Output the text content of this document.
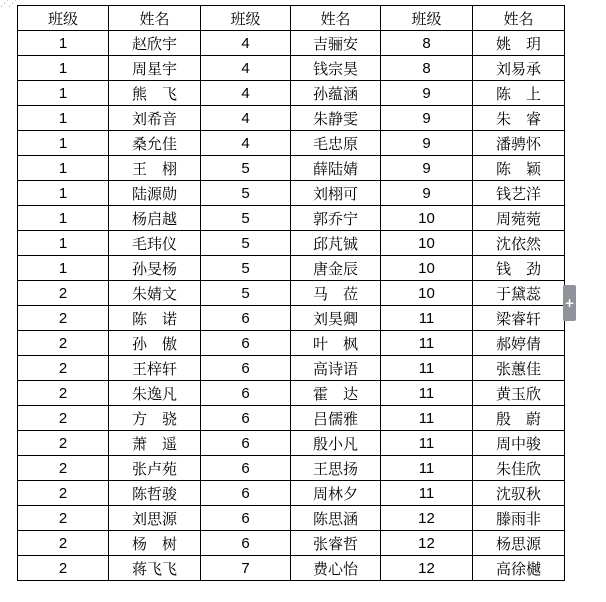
⋰⋰
班级	姓名	班级	姓名	班级	姓名
1	赵欣宇	4	吉骊安	8	姚　玥
1	周星宇	4	钱宗昊	8	刘易承
1	熊　飞	4	孙蕴涵	9	陈　上
1	刘希音	4	朱静雯	9	朱　睿
1	桑允佳	4	毛忠原	9	潘骋怀
1	王　栩	5	薛陆婧	9	陈　颖
1	陆源勋	5	刘栩可	9	钱艺洋
1	杨启越	5	郭乔宁	10	周菀菀
1	毛玮仪	5	邱芃铖	10	沈依然
1	孙旻杨	5	唐金辰	10	钱　劲
2	朱婧文	5	马　莅	10	于黛蕊
2	陈　诺	6	刘昊卿	11	梁睿轩
2	孙　傲	6	叶　枫	11	郝婷倩
2	王梓轩	6	高诗语	11	张蕙佳
2	朱逸凡	6	霍　达	11	黄玉欣
2	方　骁	6	吕儒雅	11	殷　蔚
2	萧　遥	6	殷小凡	11	周中骏
2	张卢苑	6	王思扬	11	朱佳欣
2	陈哲骏	6	周林夕	11	沈驭秋
2	刘思源	6	陈思涵	12	滕雨非
2	杨　树	6	张睿哲	12	杨思源
2	蒋飞飞	7	费心怡	12	高徐樾
+
